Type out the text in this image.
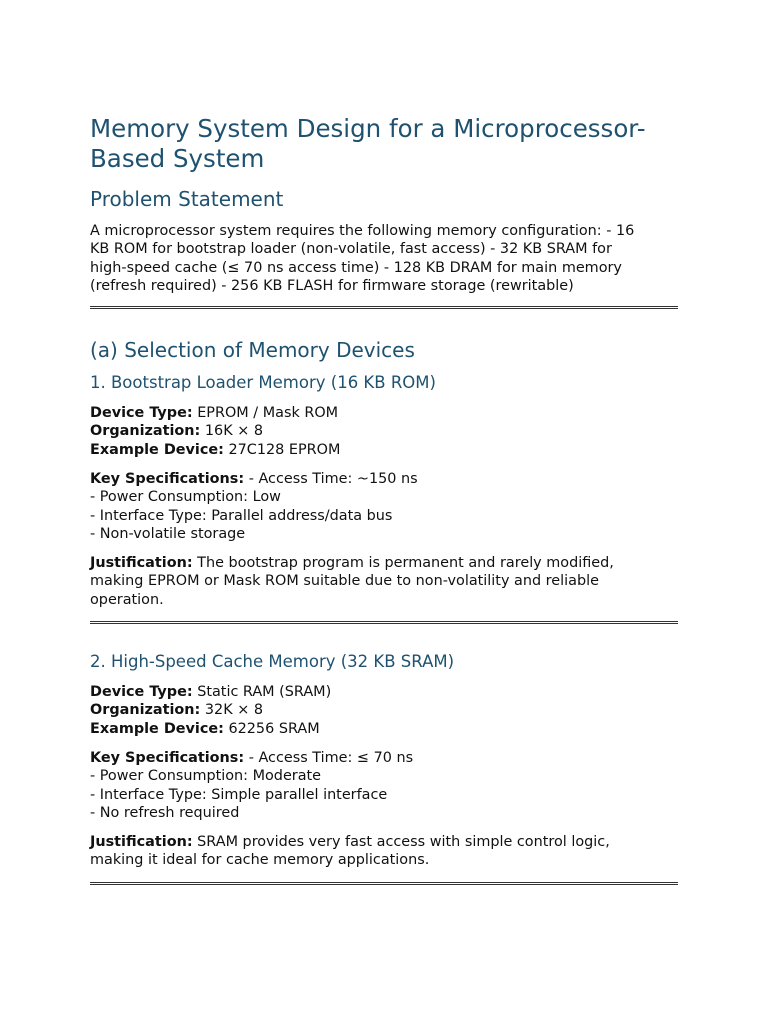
Memory System Design for a Microprocessor-
Based System
Problem Statement
A microprocessor system requires the following memory configuration: - 16
KB ROM for bootstrap loader (non-volatile, fast access) - 32 KB SRAM for
high-speed cache (≤ 70 ns access time) - 128 KB DRAM for main memory
(refresh required) - 256 KB FLASH for firmware storage (rewritable)
(a) Selection of Memory Devices
1. Bootstrap Loader Memory (16 KB ROM)
Device Type: EPROM / Mask ROM
Organization: 16K × 8
Example Device: 27C128 EPROM
Key Specifications: - Access Time: ~150 ns
- Power Consumption: Low
- Interface Type: Parallel address/data bus
- Non-volatile storage
Justification: The bootstrap program is permanent and rarely modified,
making EPROM or Mask ROM suitable due to non-volatility and reliable
operation.
2. High-Speed Cache Memory (32 KB SRAM)
Device Type: Static RAM (SRAM)
Organization: 32K × 8
Example Device: 62256 SRAM
Key Specifications: - Access Time: ≤ 70 ns
- Power Consumption: Moderate
- Interface Type: Simple parallel interface
- No refresh required
Justification: SRAM provides very fast access with simple control logic,
making it ideal for cache memory applications.
